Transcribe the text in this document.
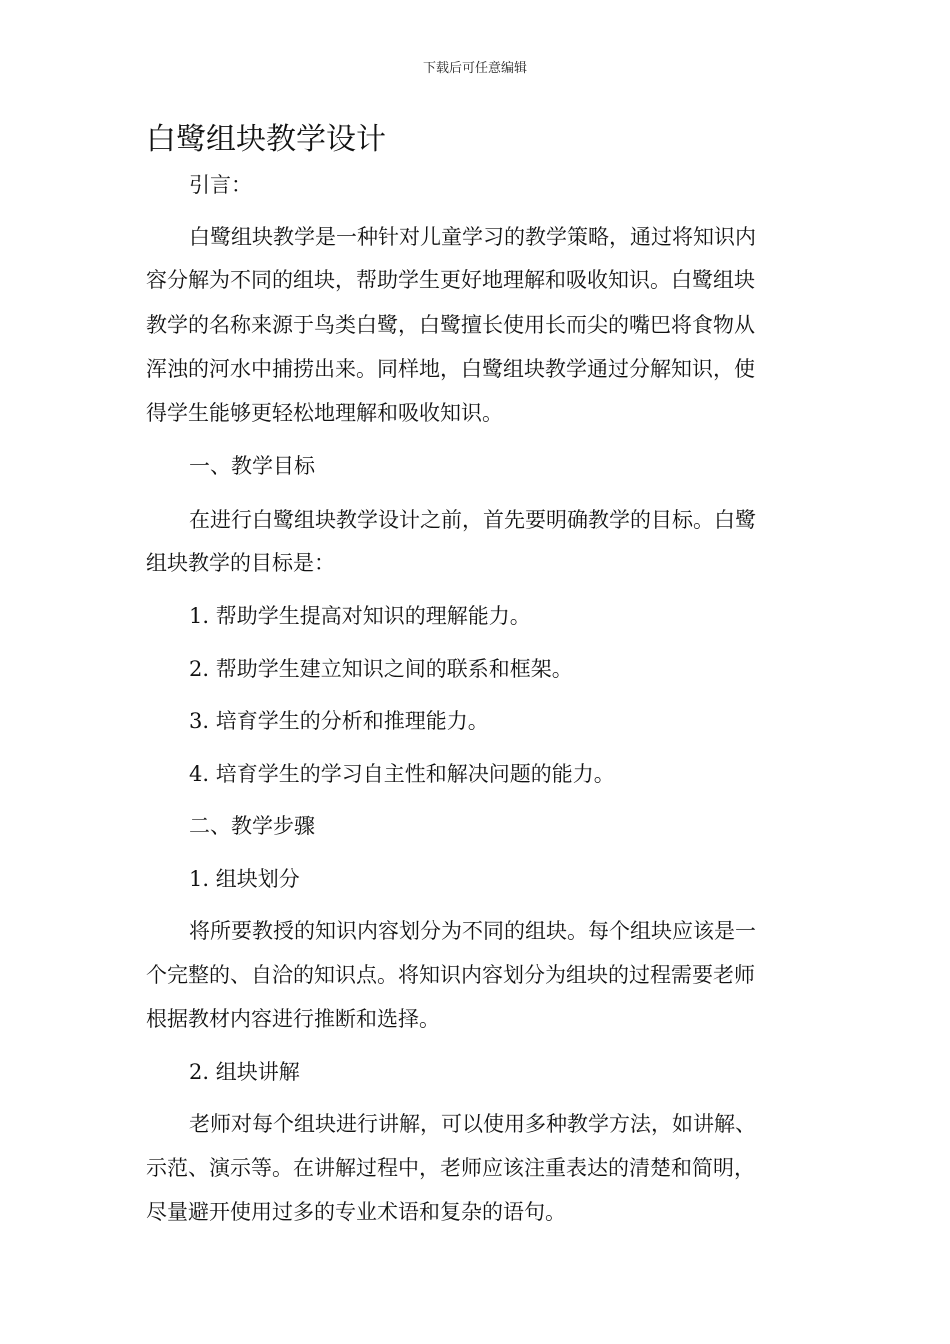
下载后可任意编辑
白鹭组块教学设计
引言：
白鹭组块教学是一种针对儿童学习的教学策略，通过将知识内
容分解为不同的组块，帮助学生更好地理解和吸收知识。白鹭组块
教学的名称来源于鸟类白鹭，白鹭擅长使用长而尖的嘴巴将食物从
浑浊的河水中捕捞出来。同样地，白鹭组块教学通过分解知识，使
得学生能够更轻松地理解和吸收知识。
一、教学目标
在进行白鹭组块教学设计之前，首先要明确教学的目标。白鹭
组块教学的目标是：
1. 帮助学生提高对知识的理解能力。
2. 帮助学生建立知识之间的联系和框架。
3. 培育学生的分析和推理能力。
4. 培育学生的学习自主性和解决问题的能力。
二、教学步骤
1. 组块划分
将所要教授的知识内容划分为不同的组块。每个组块应该是一
个完整的、自洽的知识点。将知识内容划分为组块的过程需要老师
根据教材内容进行推断和选择。
2. 组块讲解
老师对每个组块进行讲解，可以使用多种教学方法，如讲解、
示范、演示等。在讲解过程中，老师应该注重表达的清楚和简明，
尽量避开使用过多的专业术语和复杂的语句。
